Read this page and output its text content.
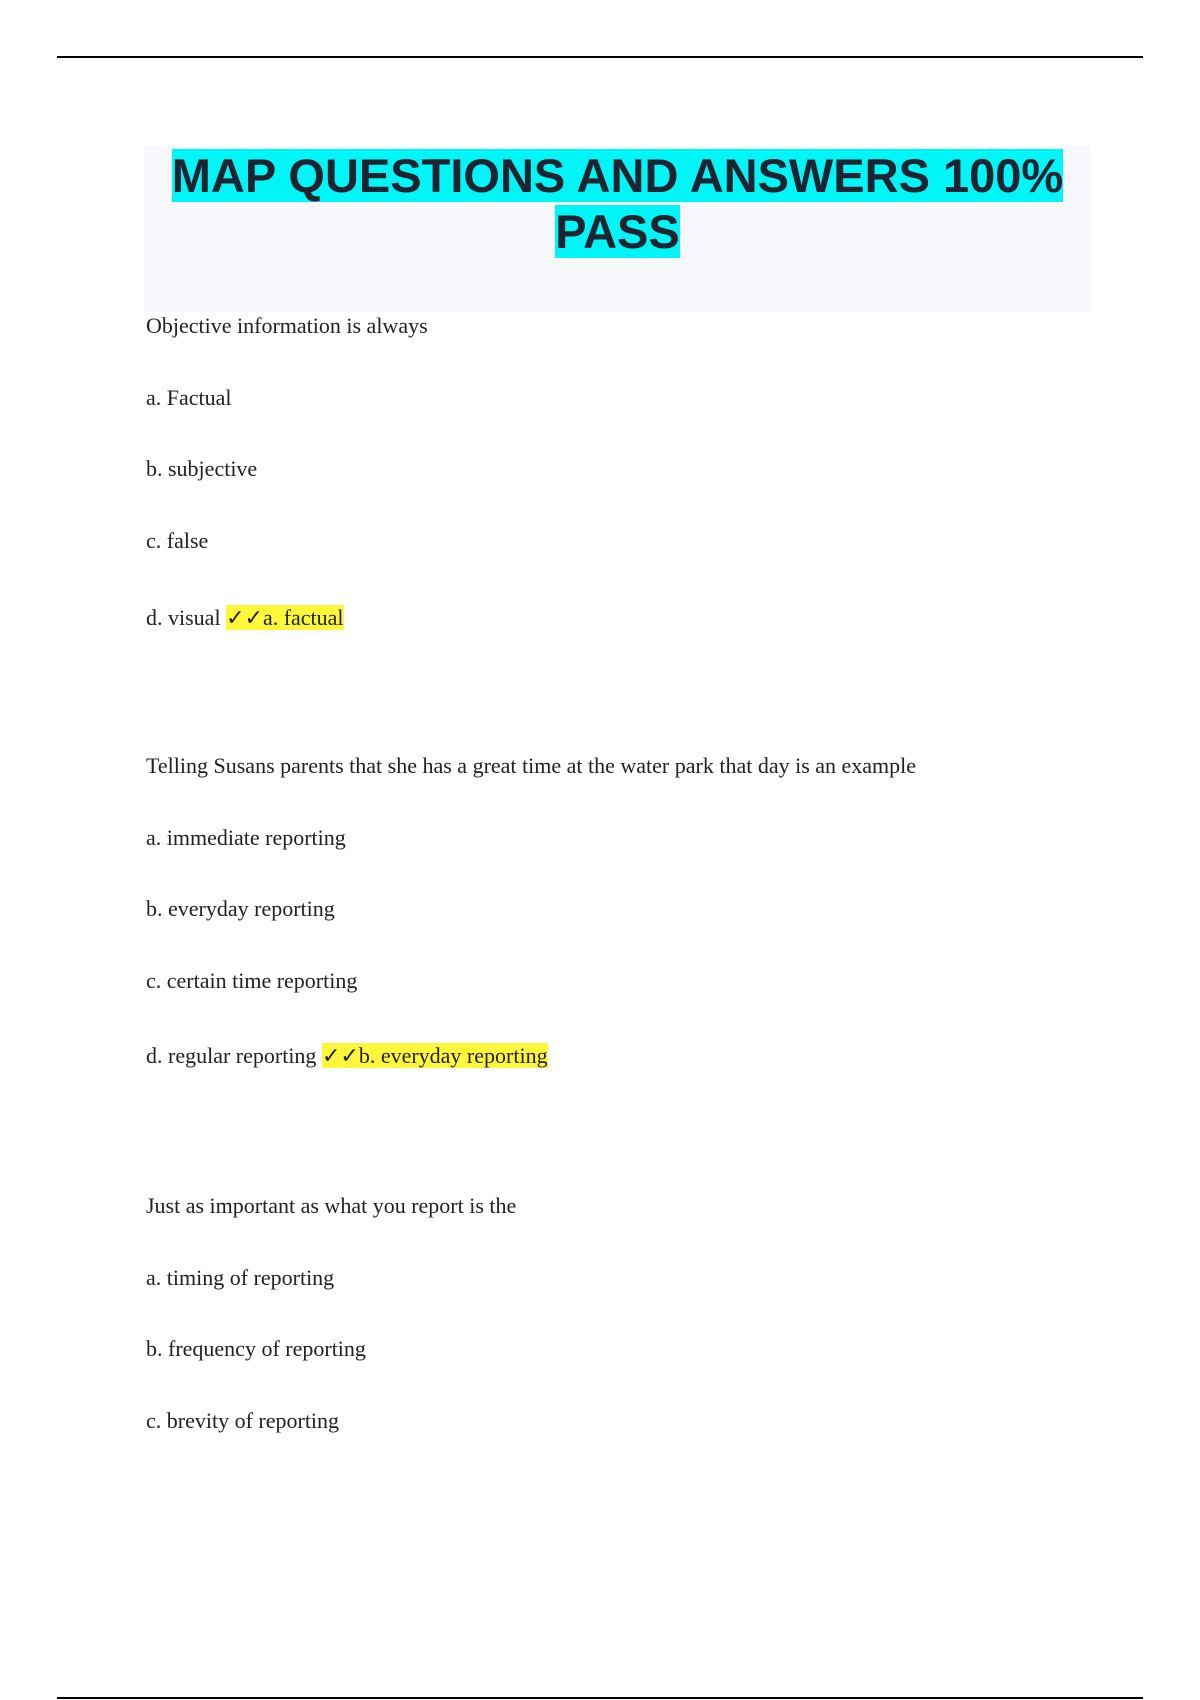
MAP QUESTIONS AND ANSWERS 100%
PASS
Objective information is always
a. Factual
b. subjective
c. false
d. visual ✓✓a. factual
Telling Susans parents that she has a great time at the water park that day is an example
a. immediate reporting
b. everyday reporting
c. certain time reporting
d. regular reporting ✓✓b. everyday reporting
Just as important as what you report is the
a. timing of reporting
b. frequency of reporting
c. brevity of reporting
